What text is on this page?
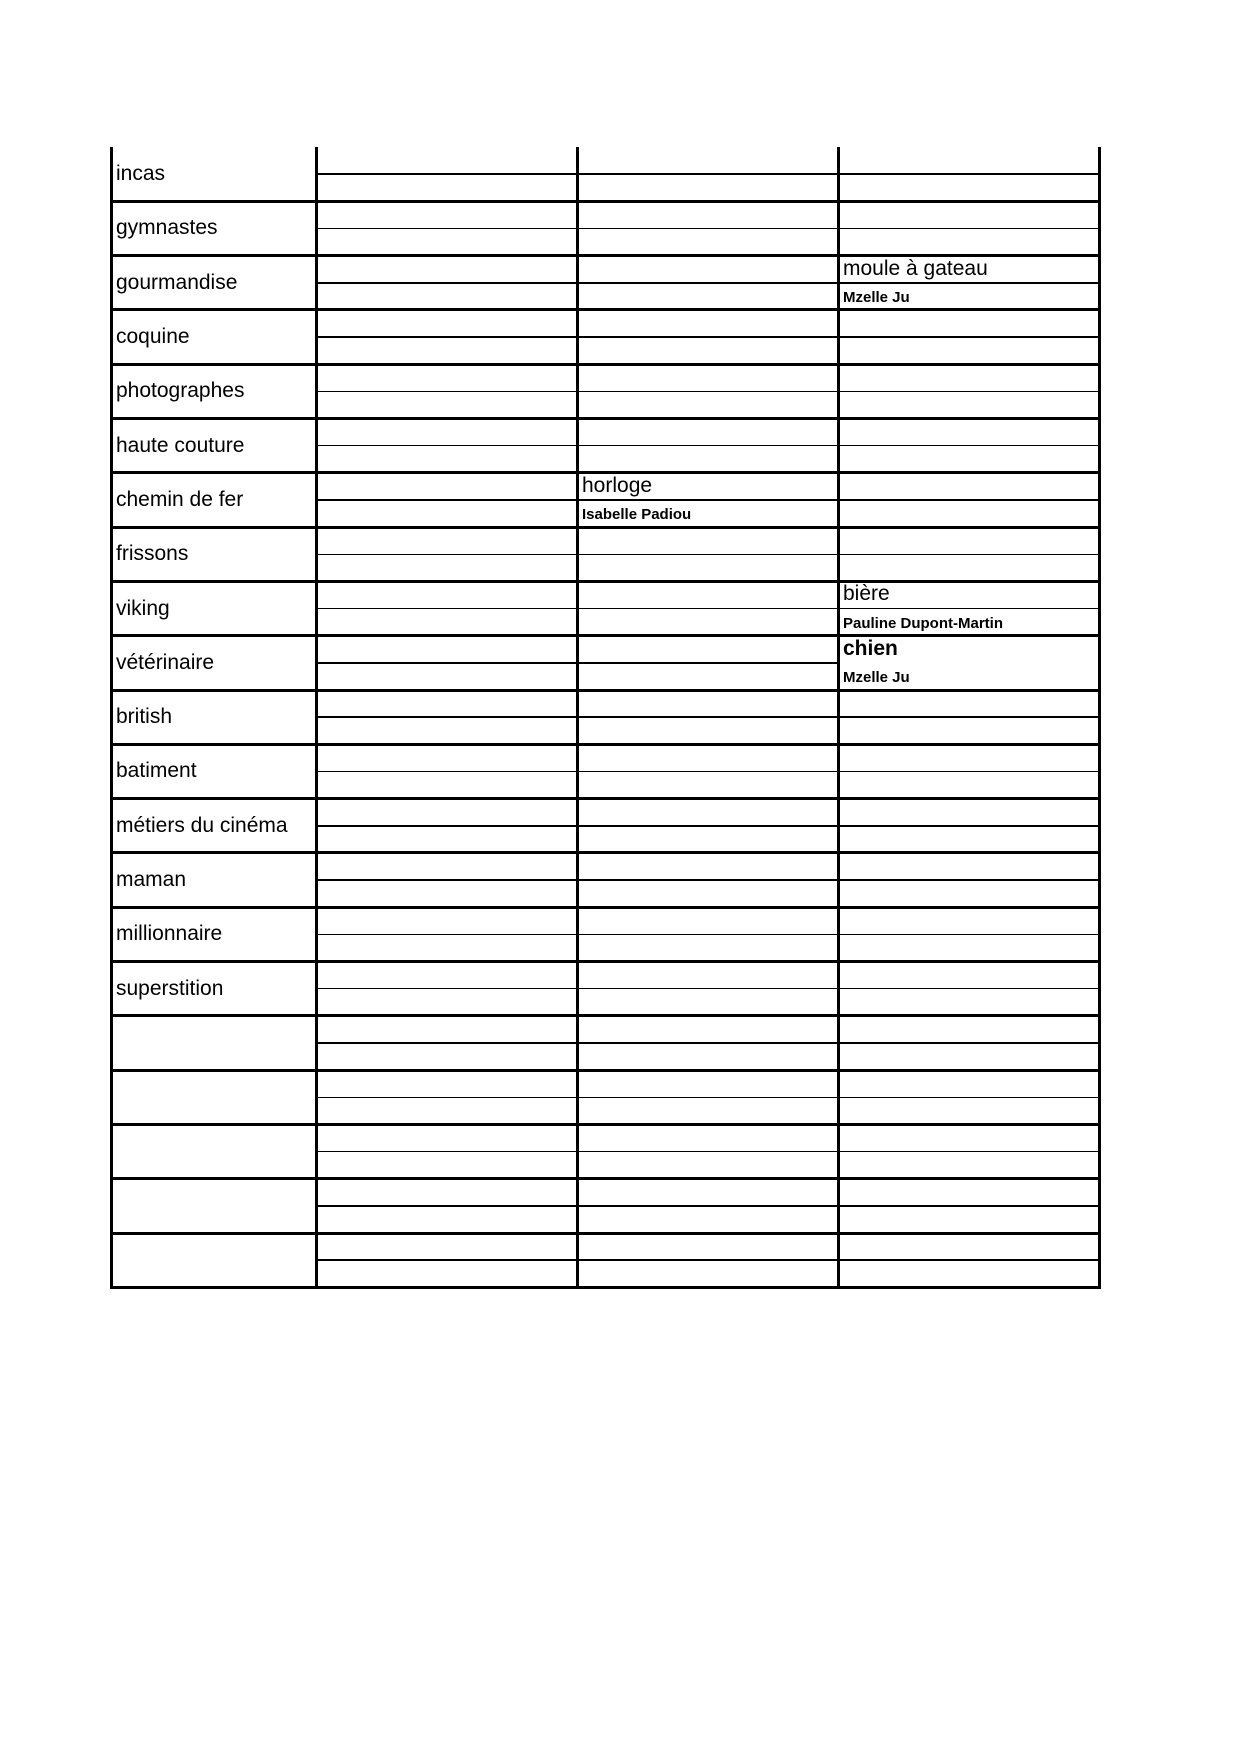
incas
gymnastes
gourmandise
moule à gateau
Mzelle Ju
coquine
photographes
haute couture
chemin de fer
horloge
Isabelle Padiou
frissons
viking
bière
Pauline Dupont-Martin
vétérinaire
chien
Mzelle Ju
british
batiment
métiers du cinéma
maman
millionnaire
superstition
